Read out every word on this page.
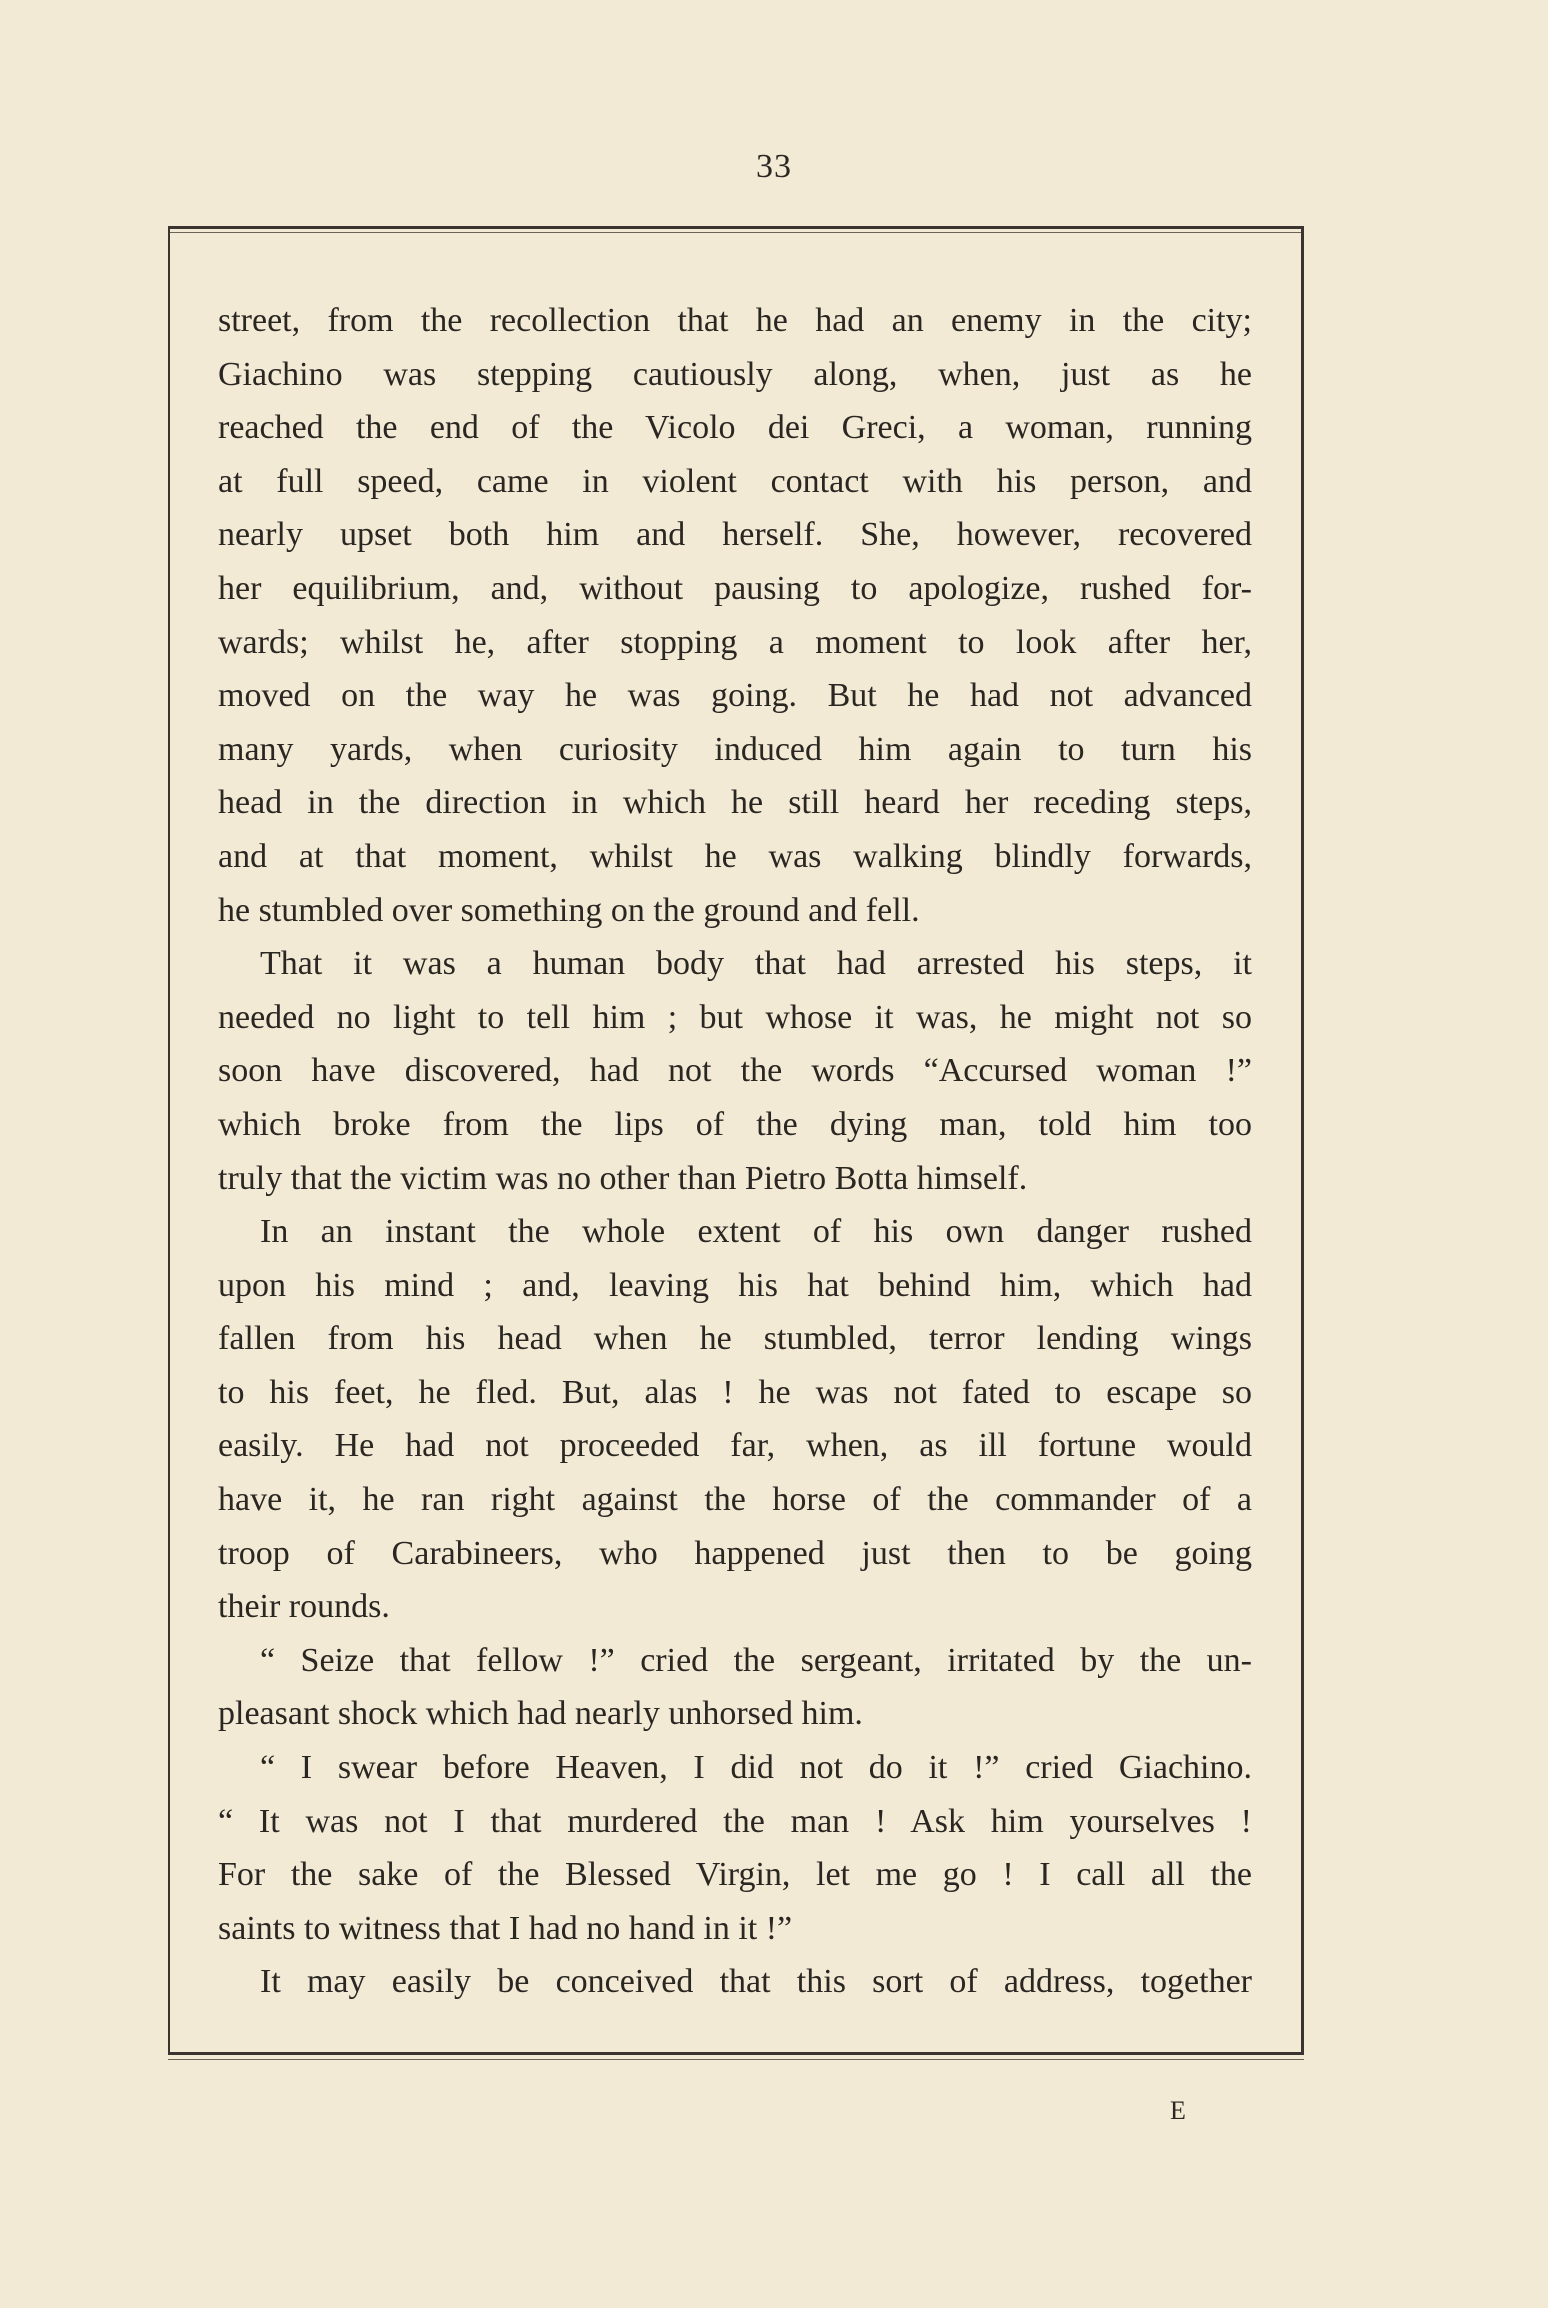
33
street, from the recollection that he had an enemy in the city;
Giachino was stepping cautiously along, when, just as he
reached the end of the Vicolo dei Greci, a woman, running
at full speed, came in violent contact with his person, and
nearly upset both him and herself. She, however, recovered
her equilibrium, and, without pausing to apologize, rushed for-
wards; whilst he, after stopping a moment to look after her,
moved on the way he was going. But he had not advanced
many yards, when curiosity induced him again to turn his
head in the direction in which he still heard her receding steps,
and at that moment, whilst he was walking blindly forwards,
he stumbled over something on the ground and fell.
That it was a human body that had arrested his steps, it
needed no light to tell him ; but whose it was, he might not so
soon have discovered, had not the words “Accursed woman !”
which broke from the lips of the dying man, told him too
truly that the victim was no other than Pietro Botta himself.
In an instant the whole extent of his own danger rushed
upon his mind ; and, leaving his hat behind him, which had
fallen from his head when he stumbled, terror lending wings
to his feet, he fled. But, alas ! he was not fated to escape so
easily. He had not proceeded far, when, as ill fortune would
have it, he ran right against the horse of the commander of a
troop of Carabineers, who happened just then to be going
their rounds.
“ Seize that fellow !” cried the sergeant, irritated by the un-
pleasant shock which had nearly unhorsed him.
“ I swear before Heaven, I did not do it !” cried Giachino.
“ It was not I that murdered the man ! Ask him yourselves !
For the sake of the Blessed Virgin, let me go ! I call all the
saints to witness that I had no hand in it !”
It may easily be conceived that this sort of address, together
E
